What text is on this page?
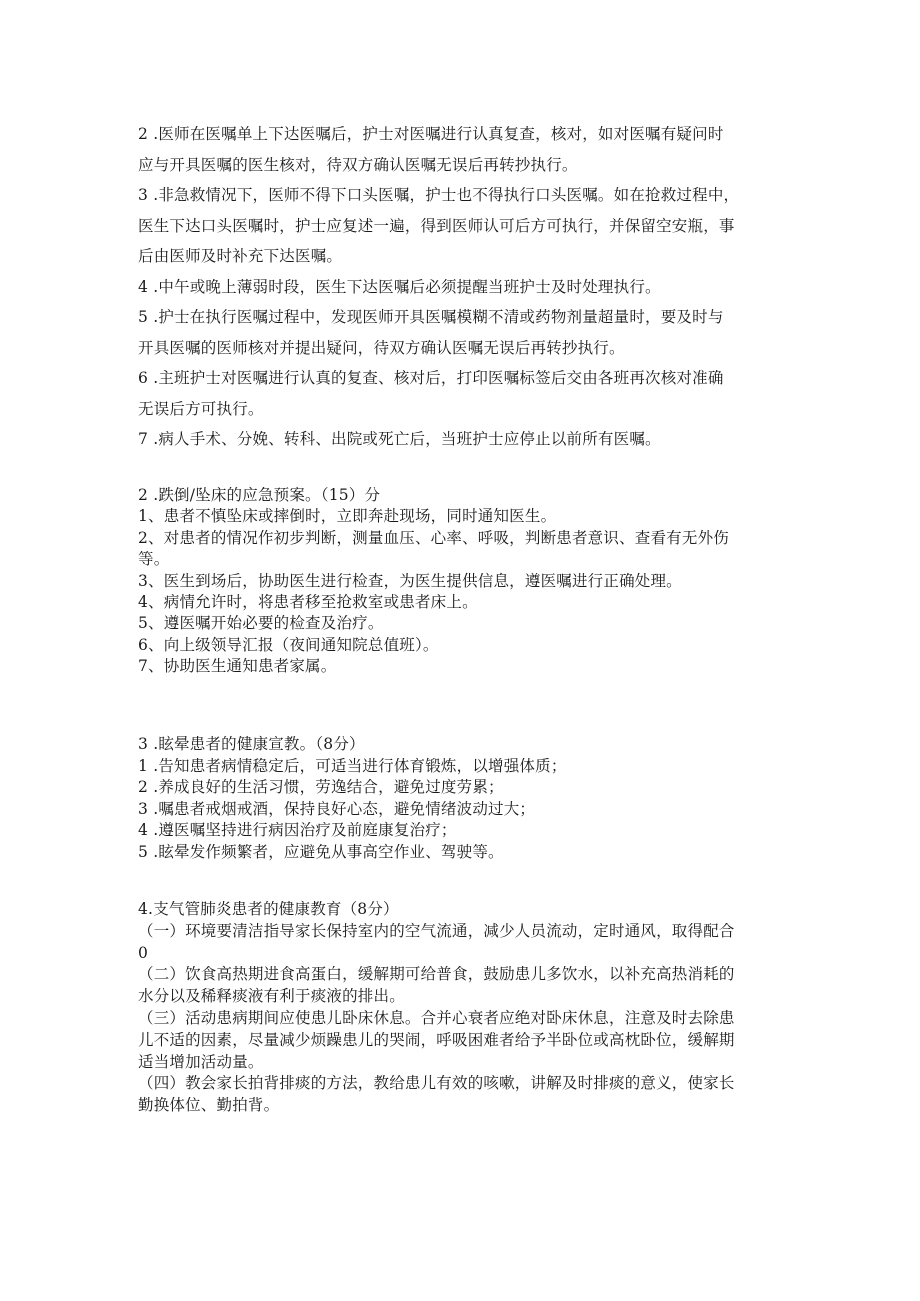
2 .医师在医嘱单上下达医嘱后，护士对医嘱进行认真复查，核对，如对医嘱有疑问时
应与开具医嘱的医生核对，待双方确认医嘱无误后再转抄执行。
3 .非急救情况下，医师不得下口头医嘱，护士也不得执行口头医嘱。如在抢救过程中，
医生下达口头医嘱时，护士应复述一遍，得到医师认可后方可执行，并保留空安瓶，事
后由医师及时补充下达医嘱。
4 .中午或晚上薄弱时段，医生下达医嘱后必须提醒当班护士及时处理执行。
5 .护士在执行医嘱过程中，发现医师开具医嘱模糊不清或药物剂量超量时，要及时与
开具医嘱的医师核对并提出疑问，待双方确认医嘱无误后再转抄执行。
6 .主班护士对医嘱进行认真的复查、核对后，打印医嘱标签后交由各班再次核对准确
无误后方可执行。
7 .病人手术、分娩、转科、出院或死亡后，当班护士应停止以前所有医嘱。
2 .跌倒/坠床的应急预案。（15）分
1、患者不慎坠床或摔倒时，立即奔赴现场，同时通知医生。
2、对患者的情况作初步判断，测量血压、心率、呼吸，判断患者意识、查看有无外伤
等。
3、医生到场后，协助医生进行检查，为医生提供信息，遵医嘱进行正确处理。
4、病情允许时，将患者移至抢救室或患者床上。
5、遵医嘱开始必要的检查及治疗。
6、向上级领导汇报（夜间通知院总值班）。
7、协助医生通知患者家属。
3 .眩晕患者的健康宣教。（8分）
1 .告知患者病情稳定后，可适当进行体育锻炼，以增强体质；
2 .养成良好的生活习惯，劳逸结合，避免过度劳累；
3 .嘱患者戒烟戒酒，保持良好心态，避免情绪波动过大；
4 .遵医嘱坚持进行病因治疗及前庭康复治疗；
5 .眩晕发作频繁者，应避免从事高空作业、驾驶等。
4.支气管肺炎患者的健康教育（8分）
（一）环境要清洁指导家长保持室内的空气流通，减少人员流动，定时通风，取得配合
0
（二）饮食高热期进食高蛋白，缓解期可给普食，鼓励患儿多饮水，以补充高热消耗的
水分以及稀释痰液有利于痰液的排出。
（三）活动患病期间应使患儿卧床休息。合并心衰者应绝对卧床休息，注意及时去除患
儿不适的因素，尽量减少烦躁患儿的哭闹，呼吸困难者给予半卧位或高枕卧位，缓解期
适当增加活动量。
（四）教会家长拍背排痰的方法，教给患儿有效的咳嗽，讲解及时排痰的意义，使家长
勤换体位、勤拍背。
